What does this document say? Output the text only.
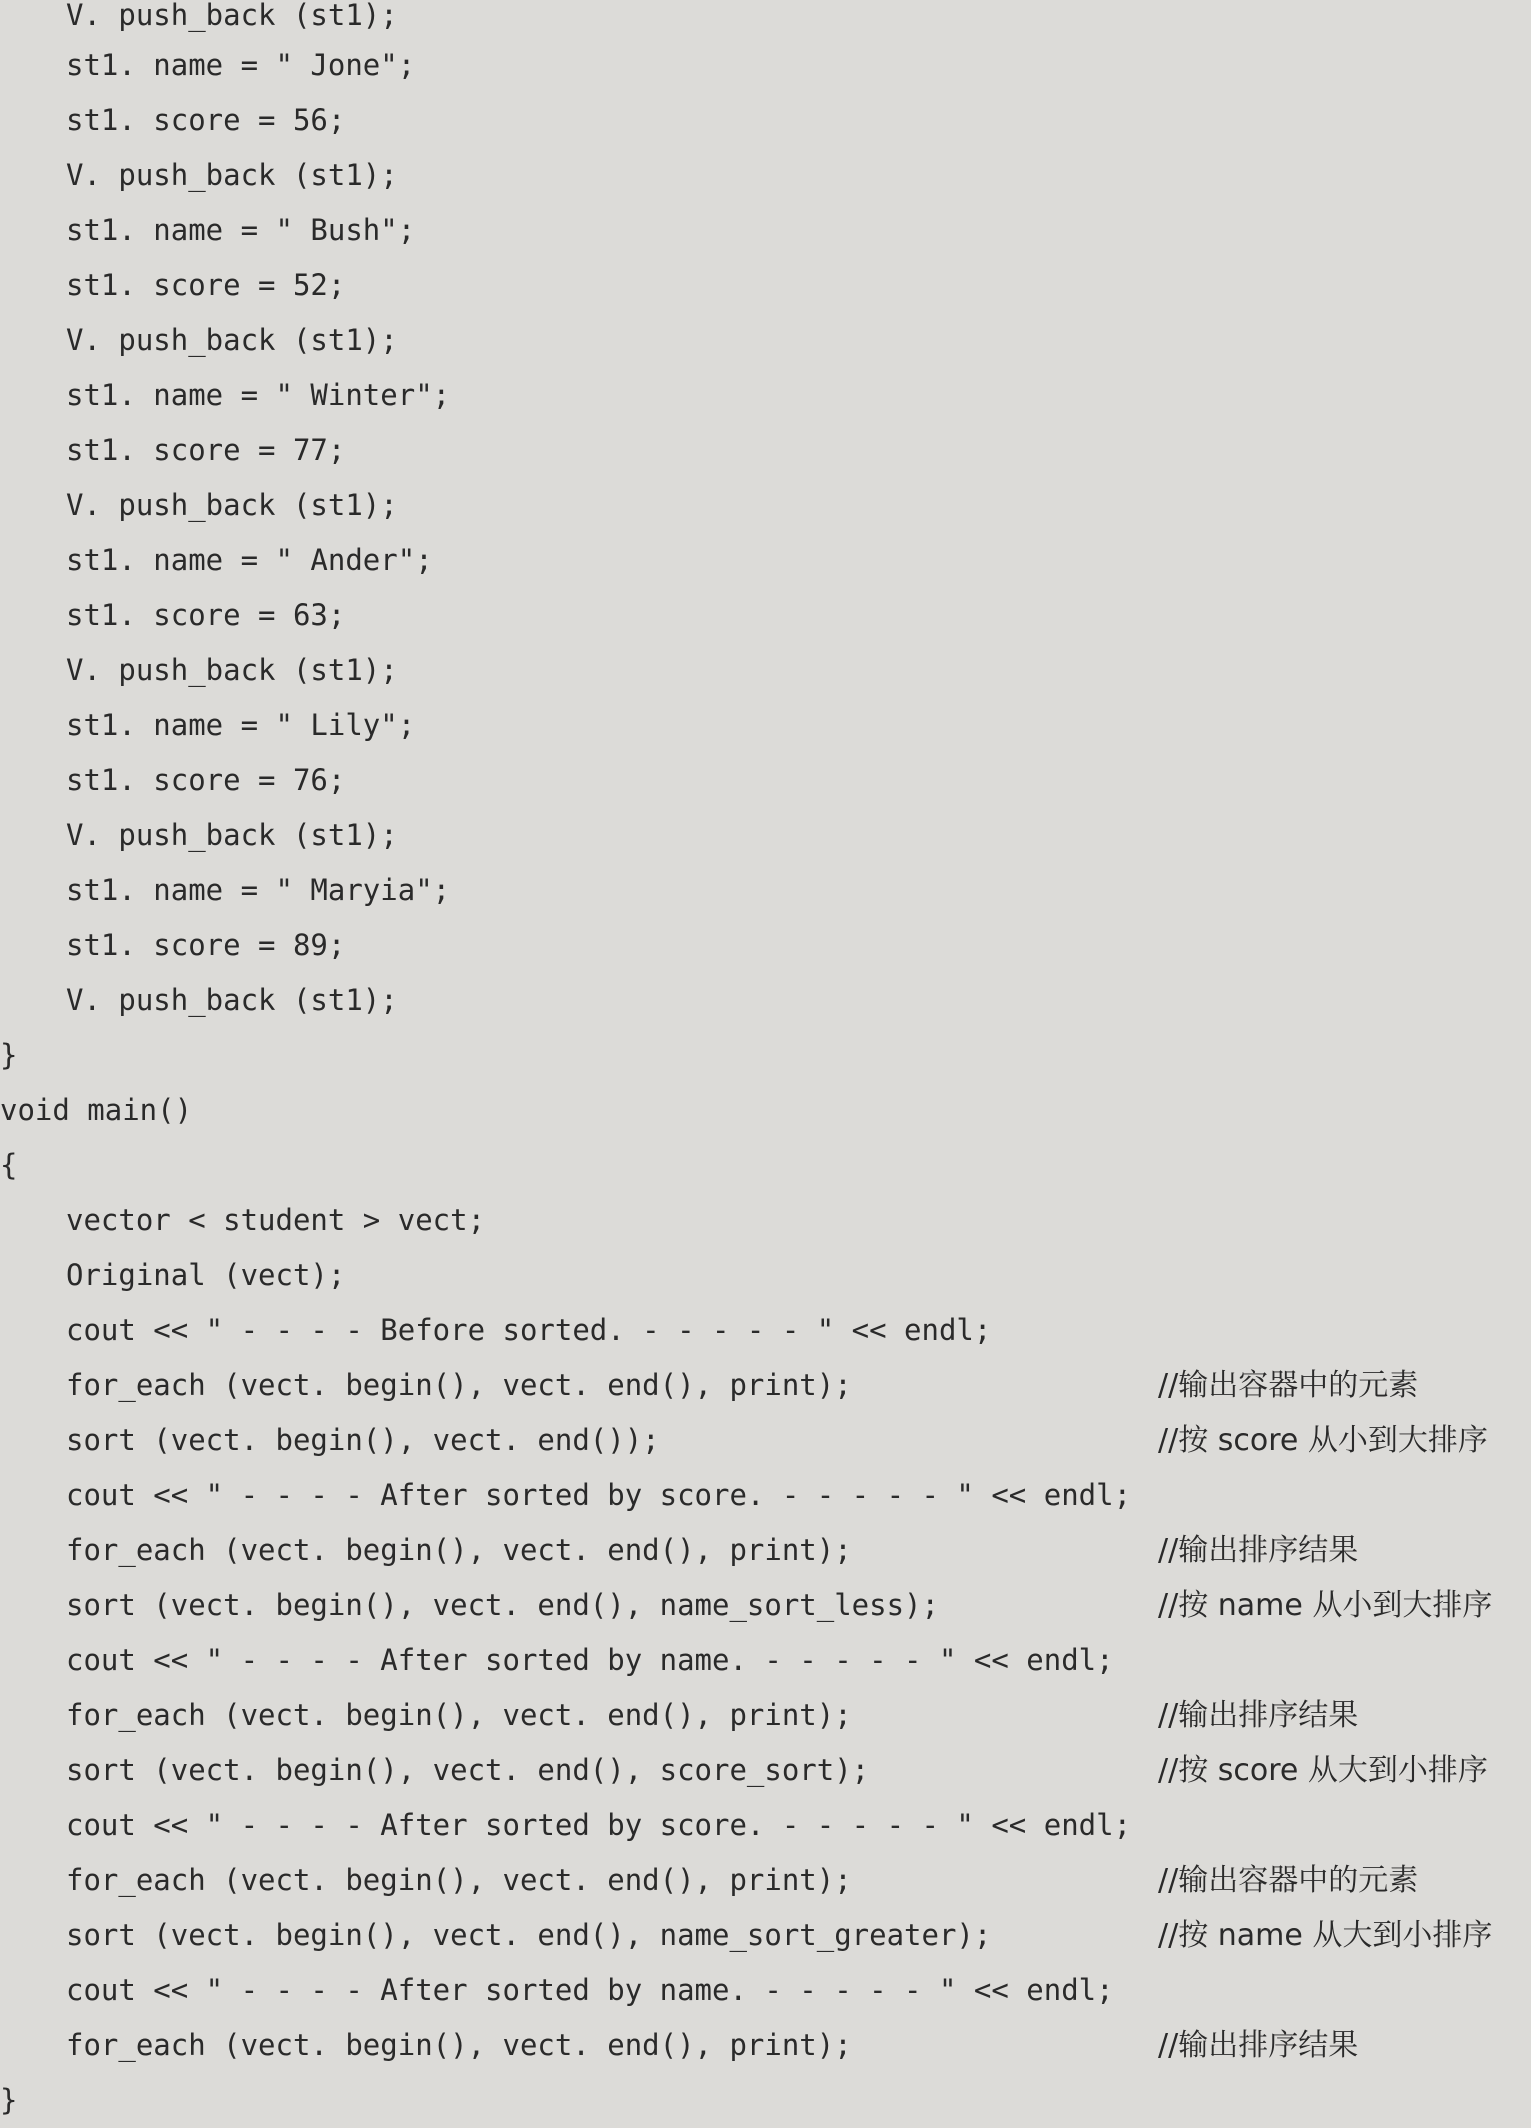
V. push_back (st1);
st1. name = " Jone";
st1. score = 56;
V. push_back (st1);
st1. name = " Bush";
st1. score = 52;
V. push_back (st1);
st1. name = " Winter";
st1. score = 77;
V. push_back (st1);
st1. name = " Ander";
st1. score = 63;
V. push_back (st1);
st1. name = " Lily";
st1. score = 76;
V. push_back (st1);
st1. name = " Maryia";
st1. score = 89;
V. push_back (st1);
}
void main()
{
vector < student > vect;
Original (vect);
cout << " - - - - Before sorted. - - - - - " << endl;
for_each (vect. begin(), vect. end(), print);	//输出容器中的元素
sort (vect. begin(), vect. end());	//按 score 从小到大排序
cout << " - - - - After sorted by score. - - - - - " << endl;
for_each (vect. begin(), vect. end(), print);	//输出排序结果
sort (vect. begin(), vect. end(), name_sort_less);	//按 name 从小到大排序
cout << " - - - - After sorted by name. - - - - - " << endl;
for_each (vect. begin(), vect. end(), print);	//输出排序结果
sort (vect. begin(), vect. end(), score_sort);	//按 score 从大到小排序
cout << " - - - - After sorted by score. - - - - - " << endl;
for_each (vect. begin(), vect. end(), print);	//输出容器中的元素
sort (vect. begin(), vect. end(), name_sort_greater);	//按 name 从大到小排序
cout << " - - - - After sorted by name. - - - - - " << endl;
for_each (vect. begin(), vect. end(), print);	//输出排序结果
}
